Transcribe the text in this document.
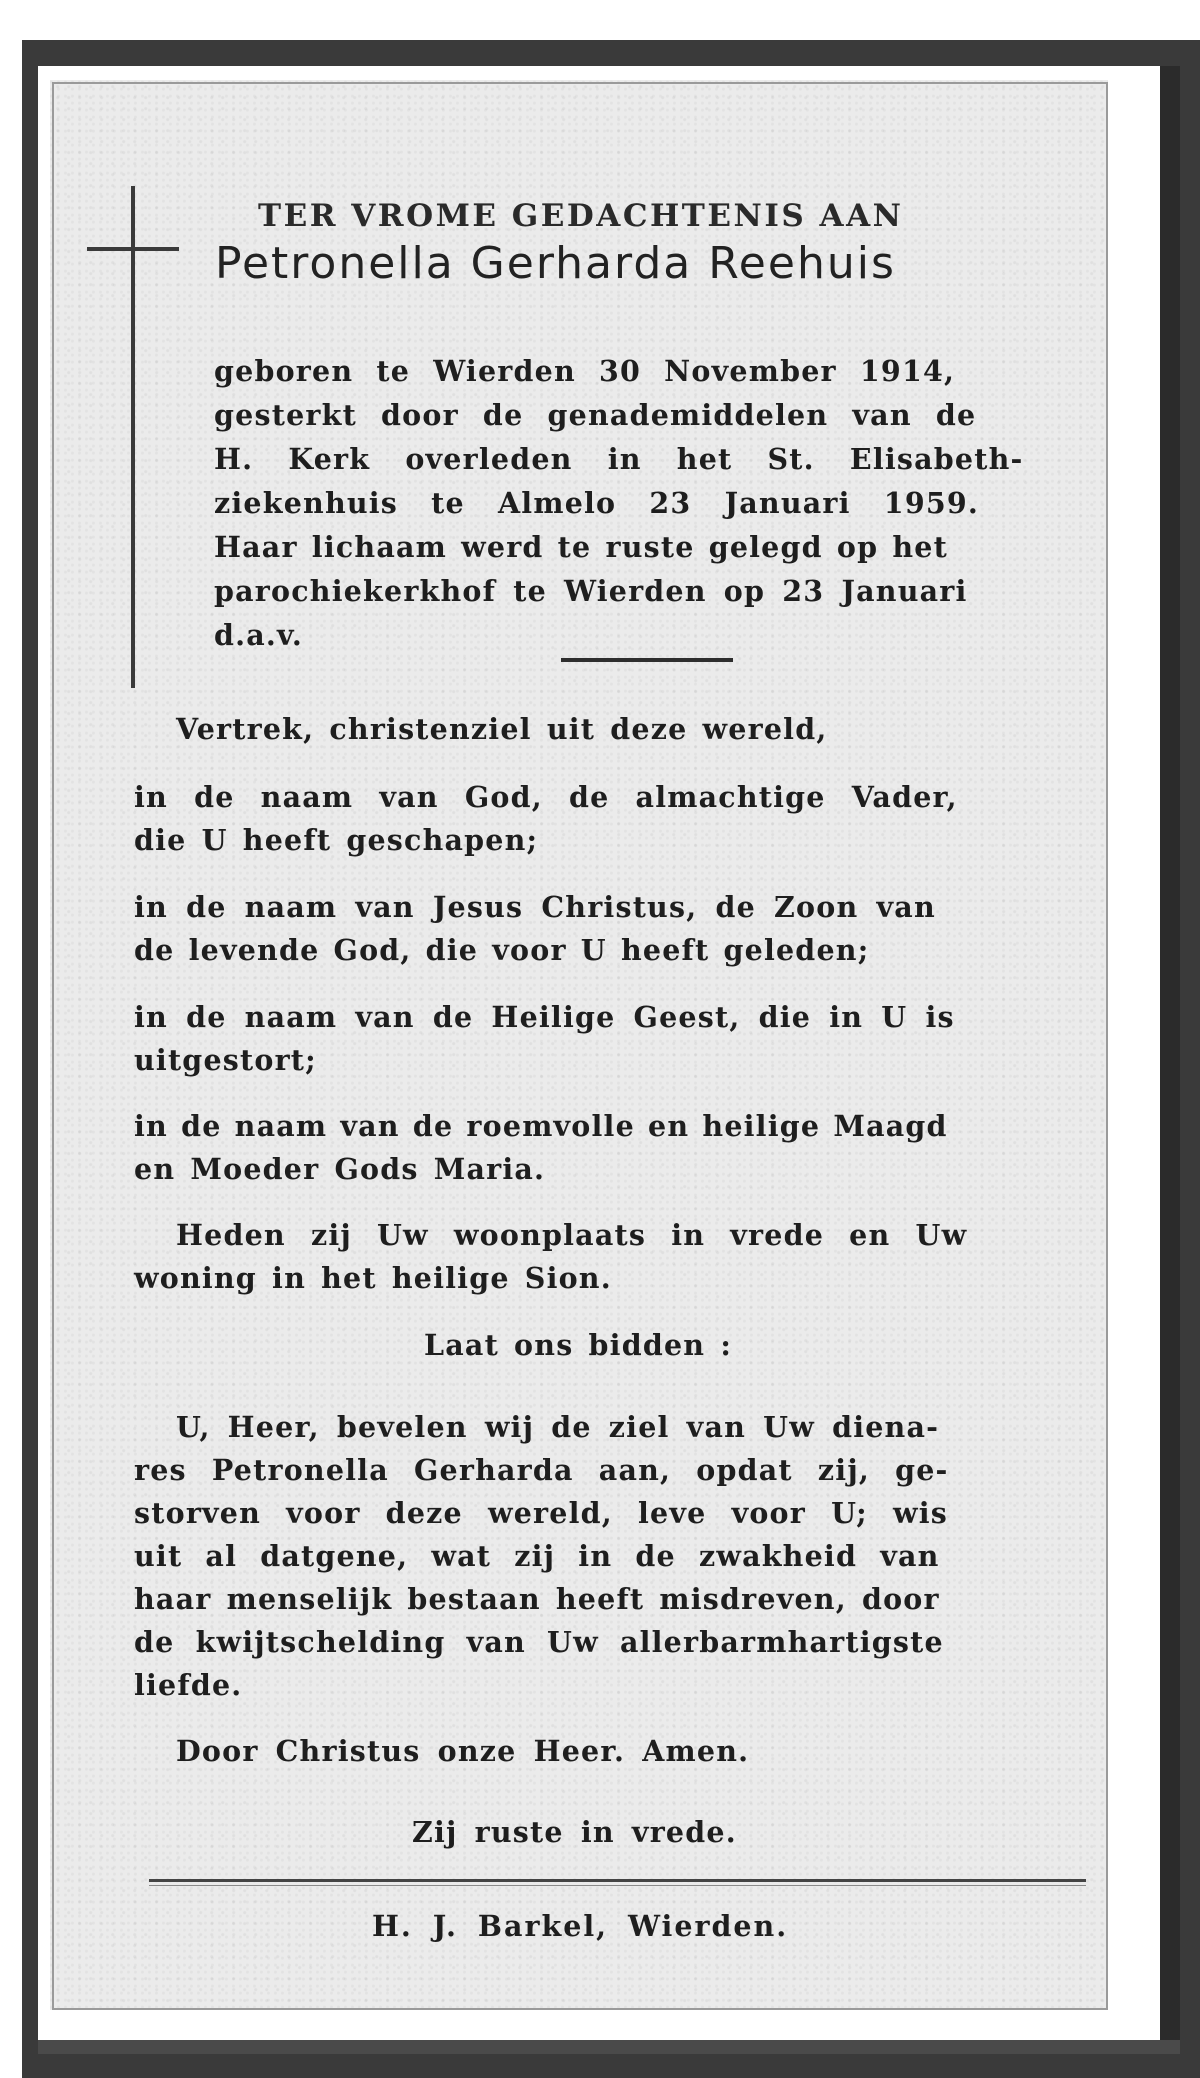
TER VROME GEDACHTENIS AAN
Petronella Gerharda Reehuis
geboren te Wierden 30 November 1914,
gesterkt door de genademiddelen van de
H. Kerk overleden in het St. Elisabeth-
ziekenhuis te Almelo 23 Januari 1959.
Haar lichaam werd te ruste gelegd op het
parochiekerkhof te Wierden op 23 Januari
d.a.v.
Vertrek, christenziel uit deze wereld,
in de naam van God, de almachtige Vader,
die U heeft geschapen;
in de naam van Jesus Christus, de Zoon van
de levende God, die voor U heeft geleden;
in de naam van de Heilige Geest, die in U is
uitgestort;
in de naam van de roemvolle en heilige Maagd
en Moeder Gods Maria.
Heden zij Uw woonplaats in vrede en Uw
woning in het heilige Sion.
Laat ons bidden :
U, Heer, bevelen wij de ziel van Uw diena-
res Petronella Gerharda aan, opdat zij, ge-
storven voor deze wereld, leve voor U; wis
uit al datgene, wat zij in de zwakheid van
haar menselijk bestaan heeft misdreven, door
de kwijtschelding van Uw allerbarmhartigste
liefde.
Door Christus onze Heer. Amen.
Zij ruste in vrede.
H. J. Barkel, Wierden.
